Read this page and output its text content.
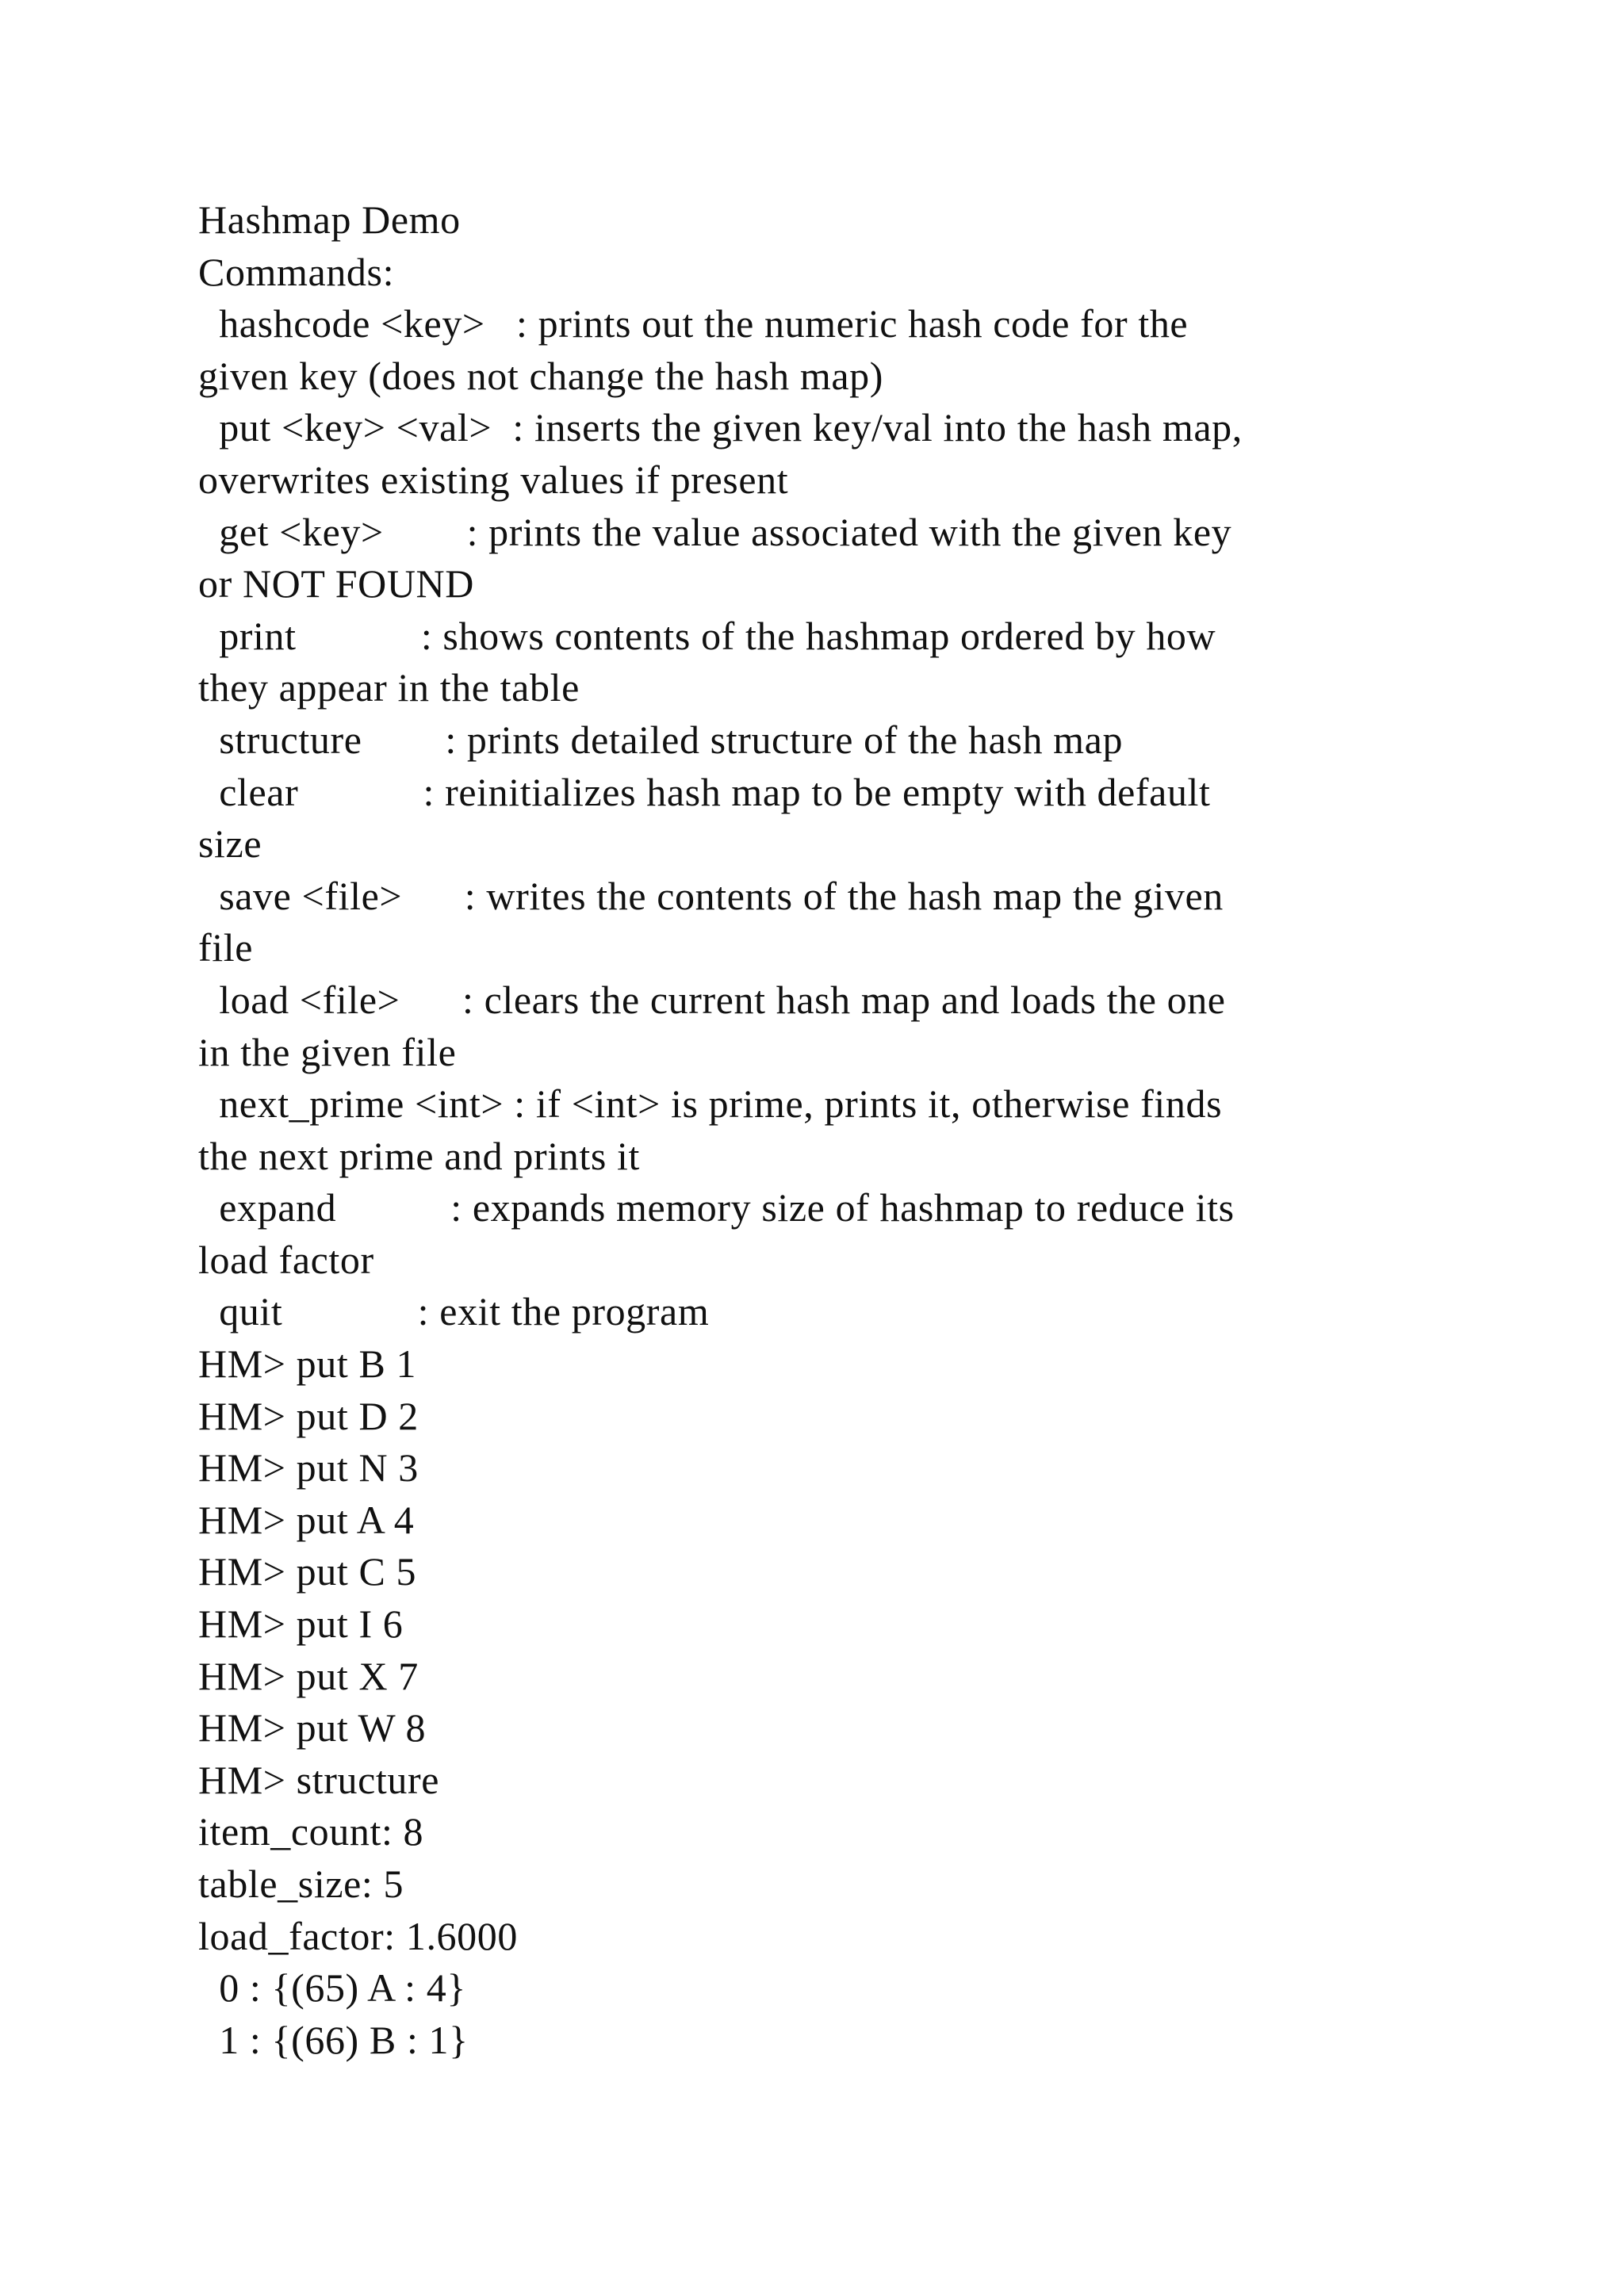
Hashmap Demo
Commands:
hashcode <key>   : prints out the numeric hash code for the
given key (does not change the hash map)
put <key> <val>  : inserts the given key/val into the hash map,
overwrites existing values if present
get <key>        : prints the value associated with the given key
or NOT FOUND
print            : shows contents of the hashmap ordered by how
they appear in the table
structure        : prints detailed structure of the hash map
clear            : reinitializes hash map to be empty with default
size
save <file>      : writes the contents of the hash map the given
file
load <file>      : clears the current hash map and loads the one
in the given file
next_prime <int> : if <int> is prime, prints it, otherwise finds
the next prime and prints it
expand           : expands memory size of hashmap to reduce its
load factor
quit             : exit the program
HM> put B 1
HM> put D 2
HM> put N 3
HM> put A 4
HM> put C 5
HM> put I 6
HM> put X 7
HM> put W 8
HM> structure
item_count: 8
table_size: 5
load_factor: 1.6000
0 : {(65) A : 4}
1 : {(66) B : 1}
